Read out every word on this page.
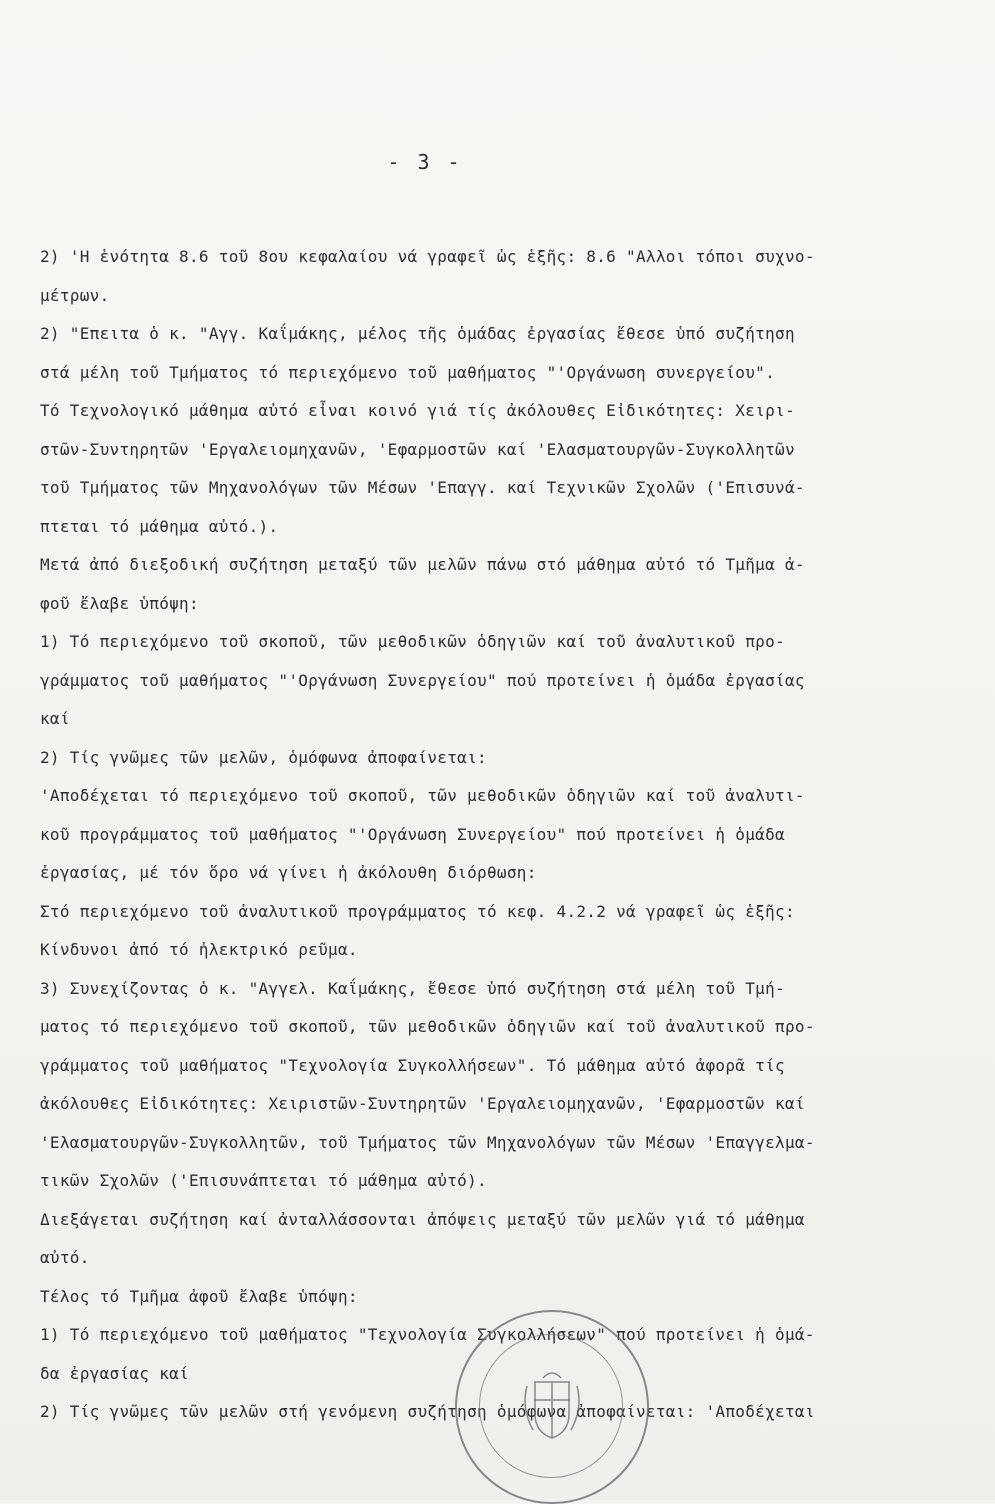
- 3 -
2) 'Η ἑνότητα 8.6 τοῦ 8ου κεφαλαίου νά γραφεῖ ὡς ἑξῆς: 8.6 "Αλλοι τόποι συχνο-
μέτρων.
2) "Επειτα ὁ κ. "Αγγ. Καΐμάκης, μέλος τῆς ὁμάδας ἐργασίας ἔθεσε ὑπό συζήτηση
στά μέλη τοῦ Τμήματος τό περιεχόμενο τοῦ μαθήματος "'Οργάνωση συνεργείου".
Τό Τεχνολογικό μάθημα αὐτό εἶναι κοινό γιά τίς ἀκόλουθες Εἰδικότητες: Χειρι-
στῶν-Συντηρητῶν 'Εργαλειομηχανῶν, 'Εφαρμοστῶν καί 'Ελασματουργῶν-Συγκολλητῶν
τοῦ Τμήματος τῶν Μηχανολόγων τῶν Μέσων 'Επαγγ. καί Τεχνικῶν Σχολῶν ('Επισυνά-
πτεται τό μάθημα αὐτό.).
Μετά ἀπό διεξοδική συζήτηση μεταξύ τῶν μελῶν πάνω στό μάθημα αὐτό τό Τμῆμα ἀ-
φοῦ ἔλαβε ὑπόψη:
1) Τό περιεχόμενο τοῦ σκοποῦ, τῶν μεθοδικῶν ὁδηγιῶν καί τοῦ ἀναλυτικοῦ προ-
γράμματος τοῦ μαθήματος "'Οργάνωση Συνεργείου" πού προτείνει ἡ ὁμάδα ἐργασίας
καί
2) Τίς γνῶμες τῶν μελῶν, ὁμόφωνα ἀποφαίνεται:
'Αποδέχεται τό περιεχόμενο τοῦ σκοποῦ, τῶν μεθοδικῶν ὁδηγιῶν καί τοῦ ἀναλυτι-
κοῦ προγράμματος τοῦ μαθήματος "'Οργάνωση Συνεργείου" πού προτείνει ἡ ὁμάδα
ἐργασίας, μέ τόν ὅρο νά γίνει ἡ ἀκόλουθη διόρθωση:
Στό περιεχόμενο τοῦ ἀναλυτικοῦ προγράμματος τό κεφ. 4.2.2 νά γραφεῖ ὡς ἑξῆς:
Κίνδυνοι ἀπό τό ἠλεκτρικό ρεῦμα.
3) Συνεχίζοντας ὁ κ. "Αγγελ. Καΐμάκης, ἔθεσε ὑπό συζήτηση στά μέλη τοῦ Τμή-
ματος τό περιεχόμενο τοῦ σκοποῦ, τῶν μεθοδικῶν ὁδηγιῶν καί τοῦ ἀναλυτικοῦ προ-
γράμματος τοῦ μαθήματος "Τεχνολογία Συγκολλήσεων". Τό μάθημα αὐτό ἀφορᾶ τίς
ἀκόλουθες Εἰδικότητες: Χειριστῶν-Συντηρητῶν 'Εργαλειομηχανῶν, 'Εφαρμοστῶν καί
'Ελασματουργῶν-Συγκολλητῶν, τοῦ Τμήματος τῶν Μηχανολόγων τῶν Μέσων 'Επαγγελμα-
τικῶν Σχολῶν ('Επισυνάπτεται τό μάθημα αὐτό).
Διεξάγεται συζήτηση καί ἀνταλλάσσονται ἀπόψεις μεταξύ τῶν μελῶν γιά τό μάθημα
αὐτό.
Τέλος τό Τμῆμα ἀφοῦ ἔλαβε ὑπόψη:
1) Τό περιεχόμενο τοῦ μαθήματος "Τεχνολογία Συγκολλήσεων" πού προτείνει ἡ ὁμά-
δα ἐργασίας καί
2) Τίς γνῶμες τῶν μελῶν στή γενόμενη συζήτηση ὁμόφωνα ἀποφαίνεται: 'Αποδέχεται
